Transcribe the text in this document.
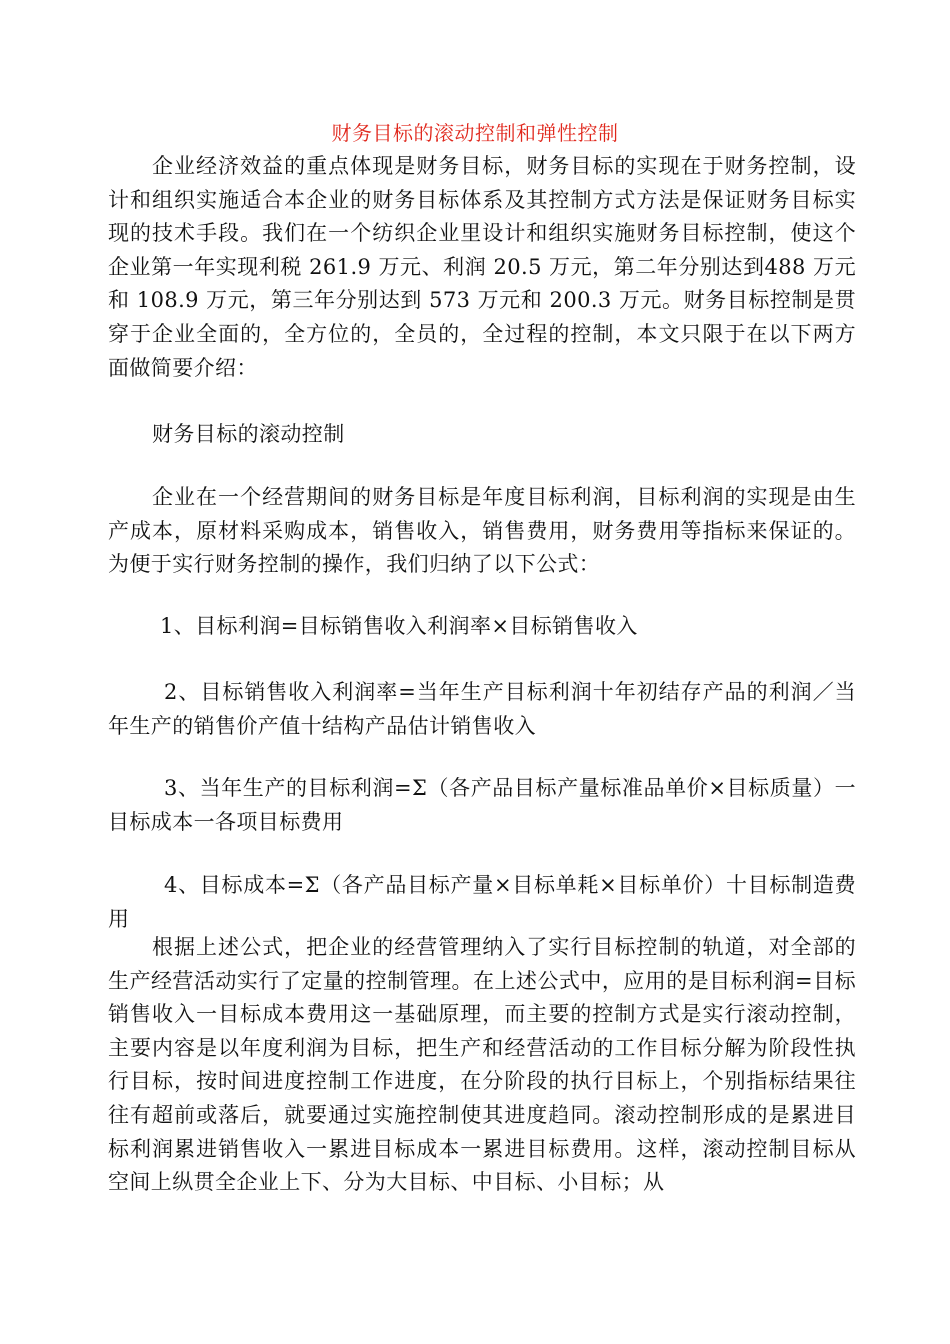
财务目标的滚动控制和弹性控制
企业经济效益的重点体现是财务目标，财务目标的实现在于财务控制，设计和组织实施适合本企业的财务目标体系及其控制方式方法是保证财务目标实现的技术手段。我们在一个纺织企业里设计和组织实施财务目标控制，使这个企业第一年实现利税 261.9 万元、利润 20.5 万元，第二年分别达到488 万元和 108.9 万元，第三年分别达到 573 万元和 200.3 万元。财务目标控制是贯穿于企业全面的，全方位的，全员的，全过程的控制，本文只限于在以下两方面做简要介绍：
财务目标的滚动控制
企业在一个经营期间的财务目标是年度目标利润，目标利润的实现是由生产成本，原材料采购成本，销售收入，销售费用，财务费用等指标来保证的。为便于实行财务控制的操作，我们归纳了以下公式：
1、目标利润=目标销售收入利润率×目标销售收入
2、目标销售收入利润率=当年生产目标利润十年初结存产品的利润／当年生产的销售价产值十结构产品估计销售收入
3、当年生产的目标利润=Σ（各产品目标产量标准品单价×目标质量）一目标成本一各项目标费用
4、目标成本=Σ（各产品目标产量×目标单耗×目标单价）十目标制造费用
根据上述公式，把企业的经营管理纳入了实行目标控制的轨道，对全部的生产经营活动实行了定量的控制管理。在上述公式中，应用的是目标利润=目标销售收入一目标成本费用这一基础原理，而主要的控制方式是实行滚动控制，主要内容是以年度利润为目标，把生产和经营活动的工作目标分解为阶段性执行目标，按时间进度控制工作进度，在分阶段的执行目标上，个别指标结果往往有超前或落后，就要通过实施控制使其进度趋同。滚动控制形成的是累进目标利润累进销售收入一累进目标成本一累进目标费用。这样，滚动控制目标从空间上纵贯全企业上下、分为大目标、中目标、小目标；从
